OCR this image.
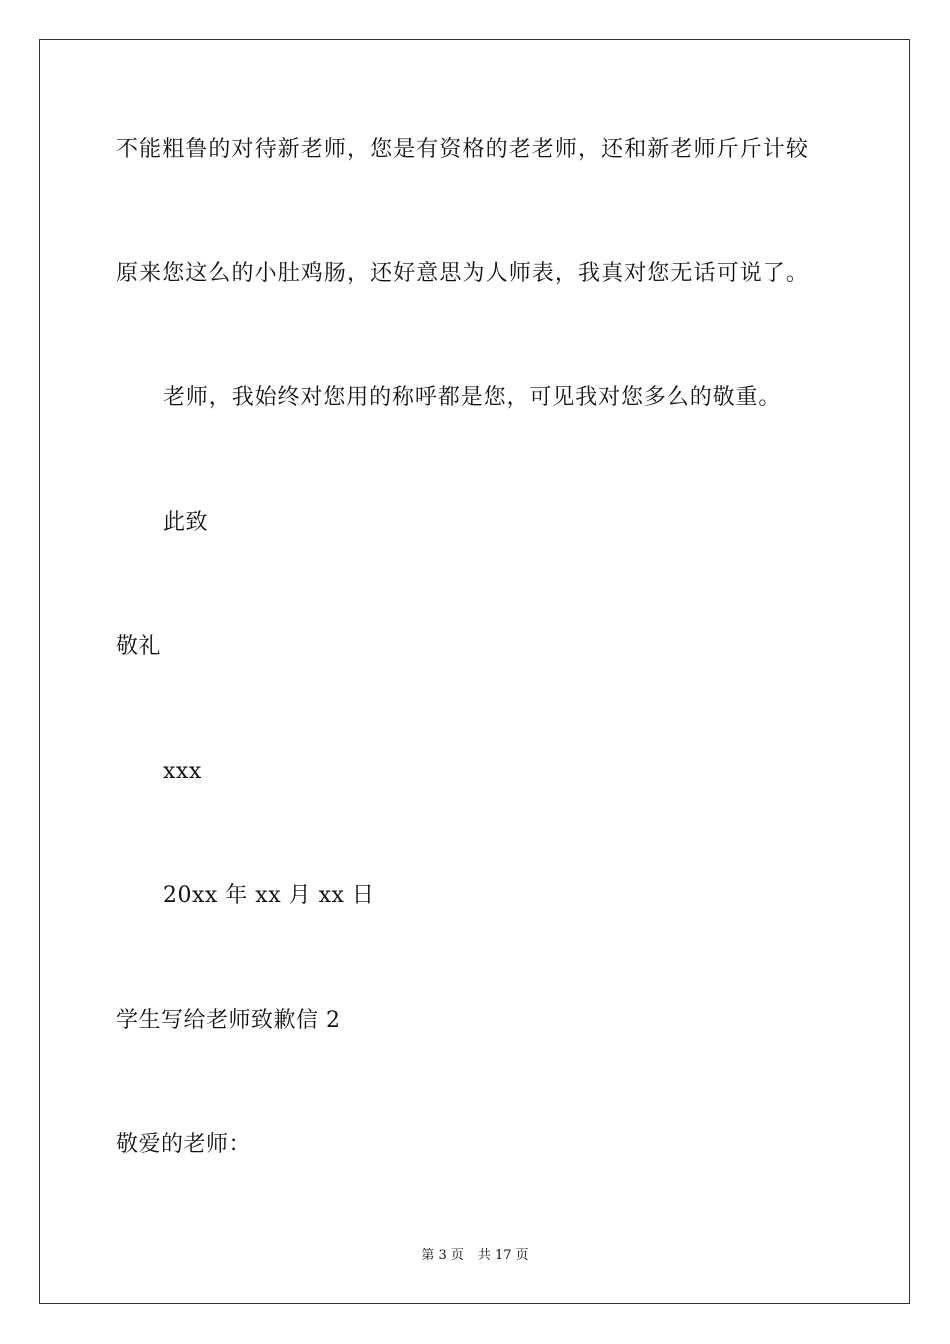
不能粗鲁的对待新老师，您是有资格的老老师，还和新老师斤斤计较
原来您这么的小肚鸡肠，还好意思为人师表，我真对您无话可说了。
老师，我始终对您用的称呼都是您，可见我对您多么的敬重。
此致
敬礼
xxx
20xx 年 xx 月 xx 日
学生写给老师致歉信 2
敬爱的老师：
第 3 页 共 17 页
